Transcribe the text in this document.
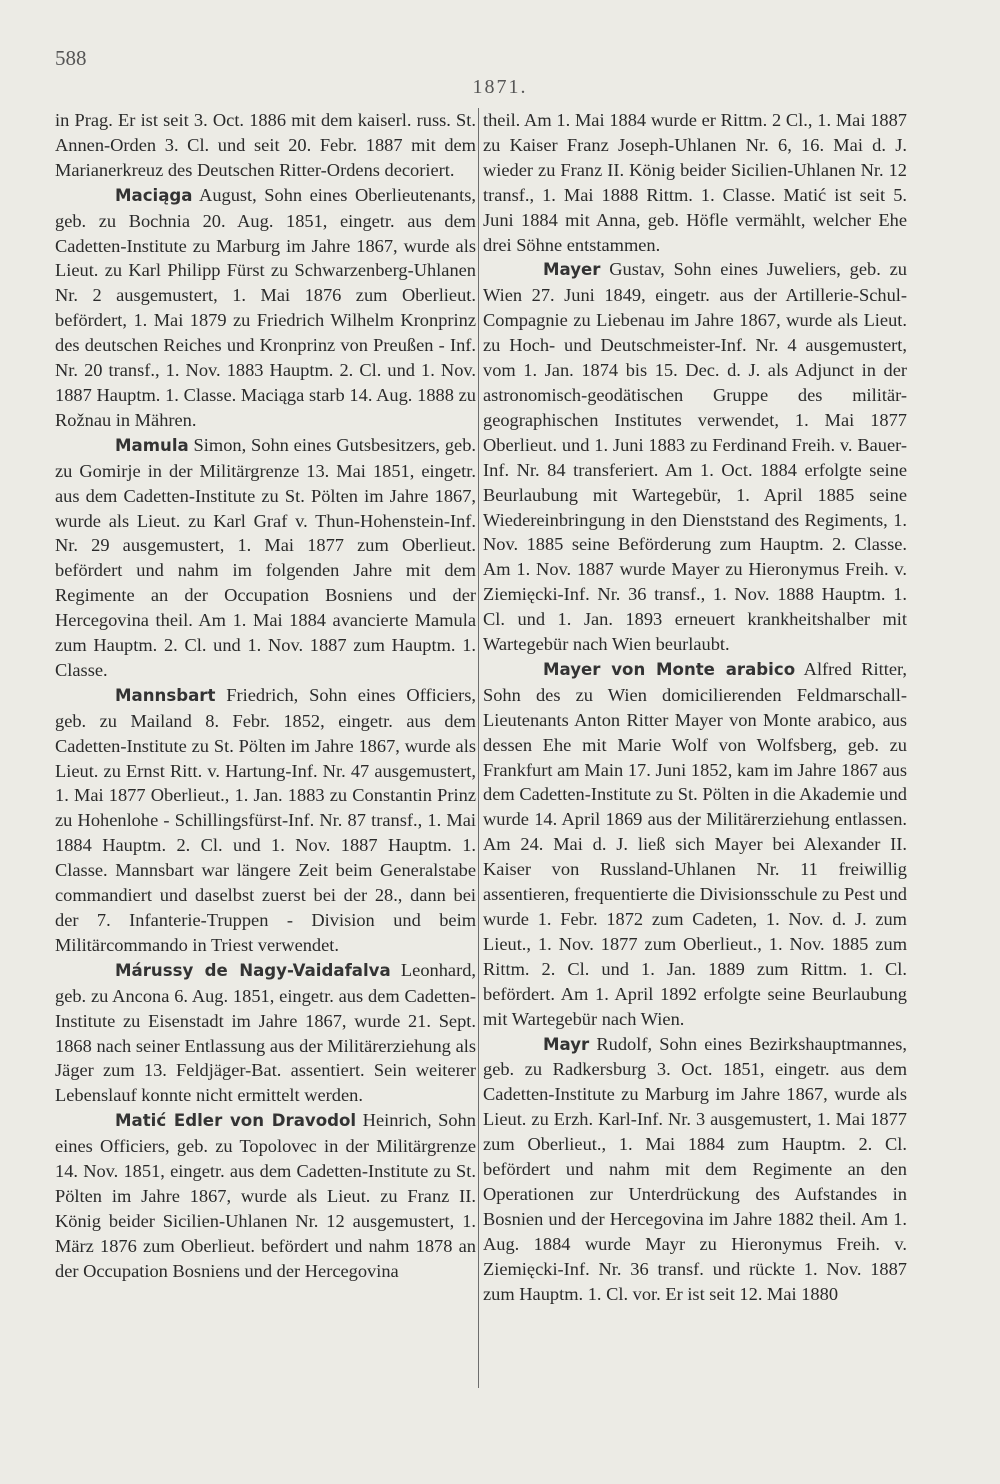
588
1871.

in Prag. Er ist seit 3. Oct. 1886 mit dem kaiserl. russ. St. Annen-Orden 3. Cl. und seit 20. Febr. 1887 mit dem Marianerkreuz des Deutschen Ritter-Ordens decoriert.

Maciąga August, Sohn eines Oberlieutenants, geb. zu Bochnia 20. Aug. 1851, eingetr. aus dem Cadetten-Institute zu Marburg im Jahre 1867, wurde als Lieut. zu Karl Philipp Fürst zu Schwarzenberg-Uhlanen Nr. 2 ausgemustert, 1. Mai 1876 zum Oberlieut. befördert, 1. Mai 1879 zu Friedrich Wilhelm Kronprinz des deutschen Reiches und Kronprinz von Preußen - Inf. Nr. 20 transf., 1. Nov. 1883 Hauptm. 2. Cl. und 1. Nov. 1887 Hauptm. 1. Classe. Maciąga starb 14. Aug. 1888 zu Rožnau in Mähren.

Mamula Simon, Sohn eines Gutsbesitzers, geb. zu Gomirje in der Militärgrenze 13. Mai 1851, eingetr. aus dem Cadetten-Institute zu St. Pölten im Jahre 1867, wurde als Lieut. zu Karl Graf v. Thun-Hohenstein-Inf. Nr. 29 ausgemustert, 1. Mai 1877 zum Oberlieut. befördert und nahm im folgenden Jahre mit dem Regimente an der Occupation Bosniens und der Hercegovina theil. Am 1. Mai 1884 avancierte Mamula zum Hauptm. 2. Cl. und 1. Nov. 1887 zum Hauptm. 1. Classe.

Mannsbart Friedrich, Sohn eines Officiers, geb. zu Mailand 8. Febr. 1852, eingetr. aus dem Cadetten-Institute zu St. Pölten im Jahre 1867, wurde als Lieut. zu Ernst Ritt. v. Hartung-Inf. Nr. 47 ausgemustert, 1. Mai 1877 Oberlieut., 1. Jan. 1883 zu Constantin Prinz zu Hohenlohe - Schillingsfürst-Inf. Nr. 87 transf., 1. Mai 1884 Hauptm. 2. Cl. und 1. Nov. 1887 Hauptm. 1. Classe. Mannsbart war längere Zeit beim Generalstabe commandiert und daselbst zuerst bei der 28., dann bei der 7. Infanterie-Truppen - Division und beim Militärcommando in Triest verwendet.

Márussy de Nagy-Vaidafalva Leonhard, geb. zu Ancona 6. Aug. 1851, eingetr. aus dem Cadetten-Institute zu Eisenstadt im Jahre 1867, wurde 21. Sept. 1868 nach seiner Entlassung aus der Militärerziehung als Jäger zum 13. Feldjäger-Bat. assentiert. Sein weiterer Lebenslauf konnte nicht ermittelt werden.

Matić Edler von Dravodol Heinrich, Sohn eines Officiers, geb. zu Topolovec in der Militärgrenze 14. Nov. 1851, eingetr. aus dem Cadetten-Institute zu St. Pölten im Jahre 1867, wurde als Lieut. zu Franz II. König beider Sicilien-Uhlanen Nr. 12 ausgemustert, 1. März 1876 zum Oberlieut. befördert und nahm 1878 an der Occupation Bosniens und der Hercegovina

theil. Am 1. Mai 1884 wurde er Rittm. 2 Cl., 1. Mai 1887 zu Kaiser Franz Joseph-Uhlanen Nr. 6, 16. Mai d. J. wieder zu Franz II. König beider Sicilien-Uhlanen Nr. 12 transf., 1. Mai 1888 Rittm. 1. Classe. Matić ist seit 5. Juni 1884 mit Anna, geb. Höfle vermählt, welcher Ehe drei Söhne entstammen.

Mayer Gustav, Sohn eines Juweliers, geb. zu Wien 27. Juni 1849, eingetr. aus der Artillerie-Schul-Compagnie zu Liebenau im Jahre 1867, wurde als Lieut. zu Hoch- und Deutschmeister-Inf. Nr. 4 ausgemustert, vom 1. Jan. 1874 bis 15. Dec. d. J. als Adjunct in der astronomisch-geodätischen Gruppe des militär-geographischen Institutes verwendet, 1. Mai 1877 Oberlieut. und 1. Juni 1883 zu Ferdinand Freih. v. Bauer-Inf. Nr. 84 transferiert. Am 1. Oct. 1884 erfolgte seine Beurlaubung mit Wartegebür, 1. April 1885 seine Wiedereinbringung in den Dienststand des Regiments, 1. Nov. 1885 seine Beförderung zum Hauptm. 2. Classe. Am 1. Nov. 1887 wurde Mayer zu Hieronymus Freih. v. Ziemięcki-Inf. Nr. 36 transf., 1. Nov. 1888 Hauptm. 1. Cl. und 1. Jan. 1893 erneuert krankheitshalber mit Wartegebür nach Wien beurlaubt.

Mayer von Monte arabico Alfred Ritter, Sohn des zu Wien domicilierenden Feldmarschall-Lieutenants Anton Ritter Mayer von Monte arabico, aus dessen Ehe mit Marie Wolf von Wolfsberg, geb. zu Frankfurt am Main 17. Juni 1852, kam im Jahre 1867 aus dem Cadetten-Institute zu St. Pölten in die Akademie und wurde 14. April 1869 aus der Militärerziehung entlassen. Am 24. Mai d. J. ließ sich Mayer bei Alexander II. Kaiser von Russland-Uhlanen Nr. 11 freiwillig assentieren, frequentierte die Divisionsschule zu Pest und wurde 1. Febr. 1872 zum Cadeten, 1. Nov. d. J. zum Lieut., 1. Nov. 1877 zum Oberlieut., 1. Nov. 1885 zum Rittm. 2. Cl. und 1. Jan. 1889 zum Rittm. 1. Cl. befördert. Am 1. April 1892 erfolgte seine Beurlaubung mit Wartegebür nach Wien.

Mayr Rudolf, Sohn eines Bezirkshauptmannes, geb. zu Radkersburg 3. Oct. 1851, eingetr. aus dem Cadetten-Institute zu Marburg im Jahre 1867, wurde als Lieut. zu Erzh. Karl-Inf. Nr. 3 ausgemustert, 1. Mai 1877 zum Oberlieut., 1. Mai 1884 zum Hauptm. 2. Cl. befördert und nahm mit dem Regimente an den Operationen zur Unterdrückung des Aufstandes in Bosnien und der Hercegovina im Jahre 1882 theil. Am 1. Aug. 1884 wurde Mayr zu Hieronymus Freih. v. Ziemięcki-Inf. Nr. 36 transf. und rückte 1. Nov. 1887 zum Hauptm. 1. Cl. vor. Er ist seit 12. Mai 1880
